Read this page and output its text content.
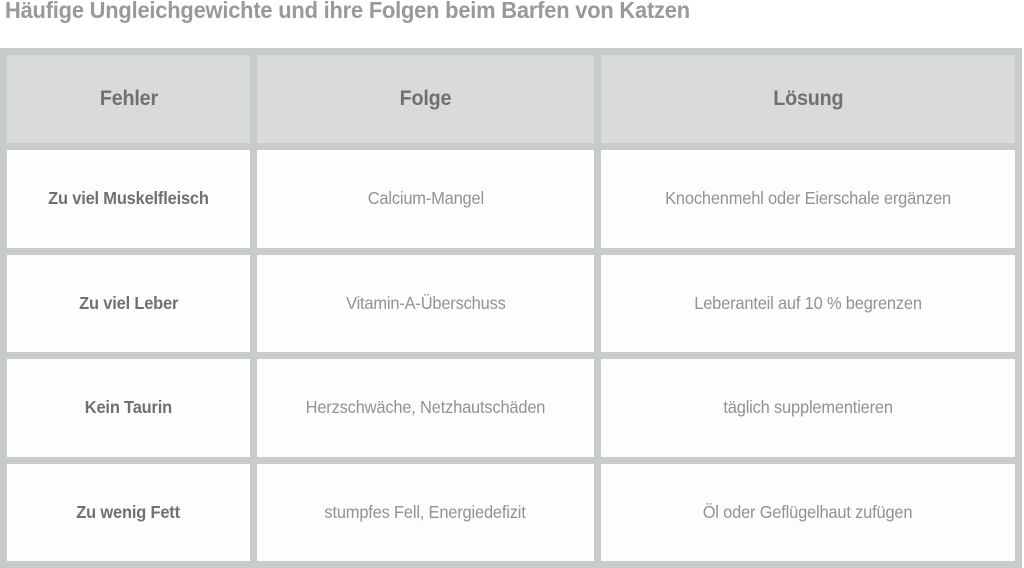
Häufige Ungleichgewichte und ihre Folgen beim Barfen von Katzen
Fehler	Folge	Lösung
Zu viel Muskelfleisch	Calcium-Mangel	Knochenmehl oder Eierschale ergänzen
Zu viel Leber	Vitamin-A-Überschuss	Leberanteil auf 10 % begrenzen
Kein Taurin	Herzschwäche, Netzhautschäden	täglich supplementieren
Zu wenig Fett	stumpfes Fell, Energiedefizit	Öl oder Geflügelhaut zufügen
